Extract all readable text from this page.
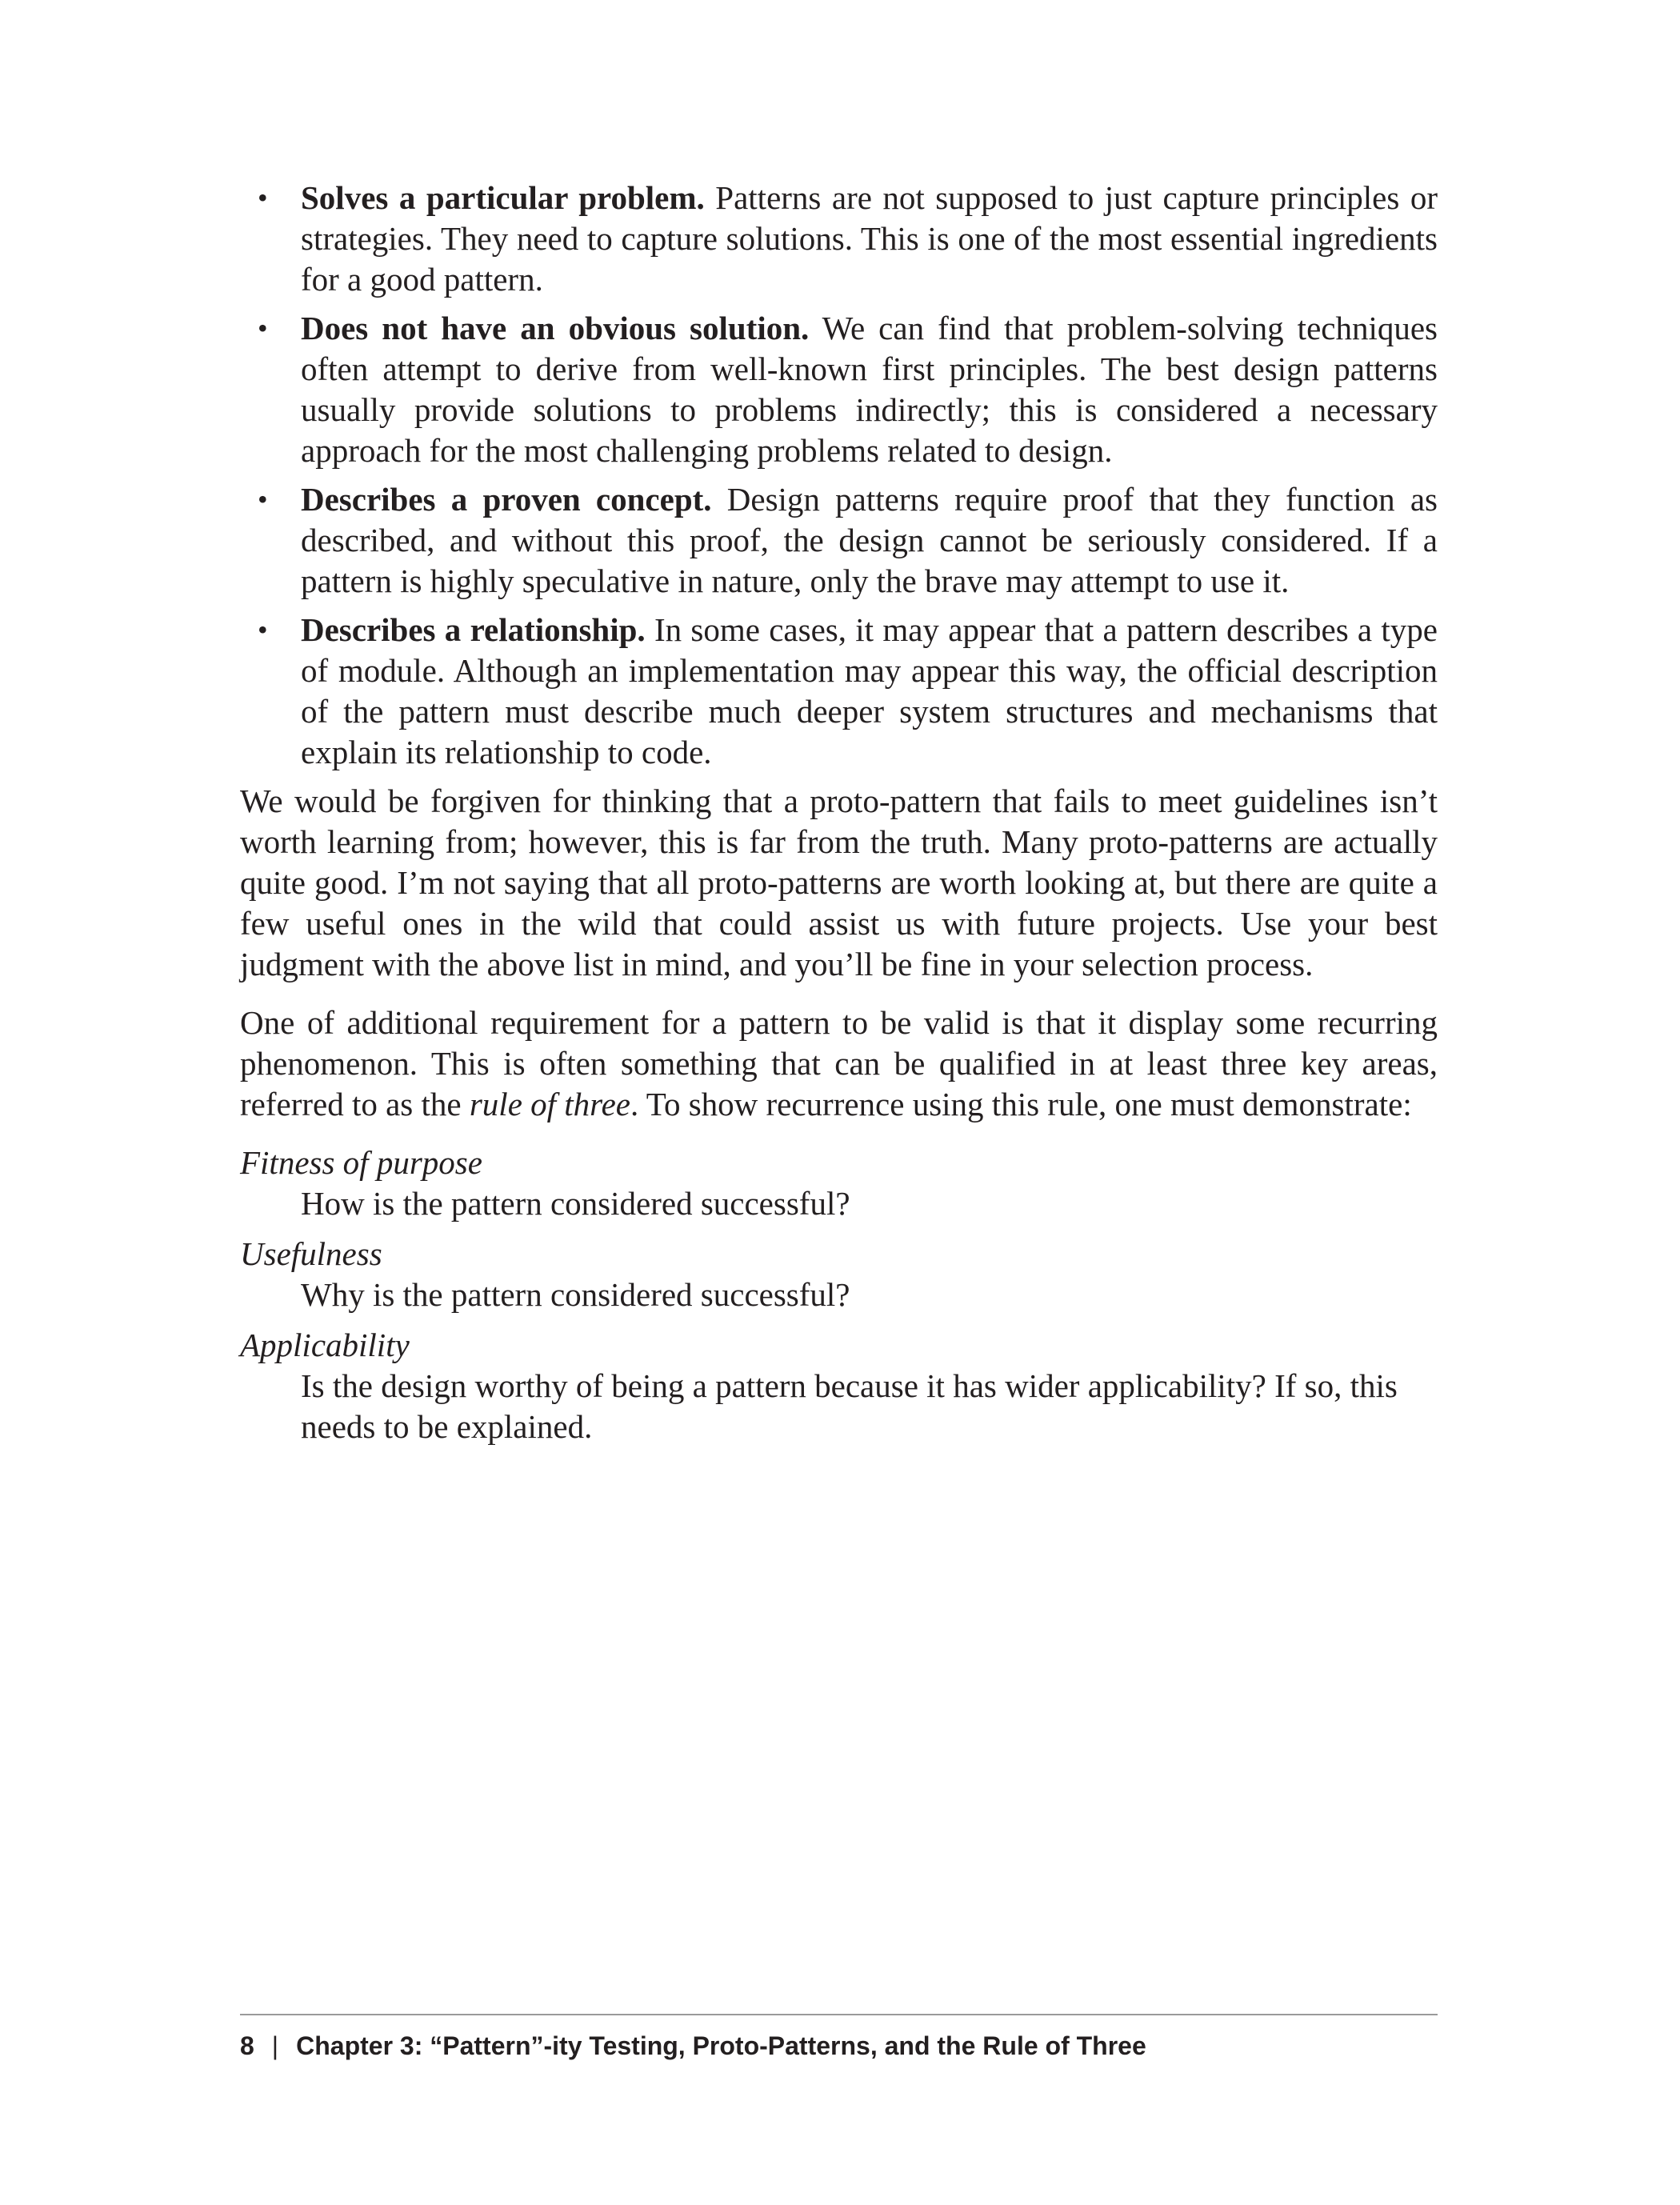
• Solves a particular problem. Patterns are not supposed to just capture principles or strategies. They need to capture solutions. This is one of the most essential ingredients for a good pattern.
• Does not have an obvious solution. We can find that problem-solving techniques often attempt to derive from well-known first principles. The best design patterns usually provide solutions to problems indirectly; this is considered a necessary approach for the most challenging problems related to design.
• Describes a proven concept. Design patterns require proof that they function as described, and without this proof, the design cannot be seriously considered. If a pattern is highly speculative in nature, only the brave may attempt to use it.
• Describes a relationship. In some cases, it may appear that a pattern describes a type of module. Although an implementation may appear this way, the official description of the pattern must describe much deeper system structures and mechanisms that explain its relationship to code.

We would be forgiven for thinking that a proto-pattern that fails to meet guidelines isn’t worth learning from; however, this is far from the truth. Many proto-patterns are actually quite good. I’m not saying that all proto-patterns are worth looking at, but there are quite a few useful ones in the wild that could assist us with future projects. Use your best judgment with the above list in mind, and you’ll be fine in your selection process.

One of additional requirement for a pattern to be valid is that it display some recurring phenomenon. This is often something that can be qualified in at least three key areas, referred to as the rule of three. To show recurrence using this rule, one must demonstrate:

Fitness of purpose
How is the pattern considered successful?
Usefulness
Why is the pattern considered successful?
Applicability
Is the design worthy of being a pattern because it has wider applicability? If so, this needs to be explained.
8 | Chapter 3: “Pattern”-ity Testing, Proto-Patterns, and the Rule of Three
